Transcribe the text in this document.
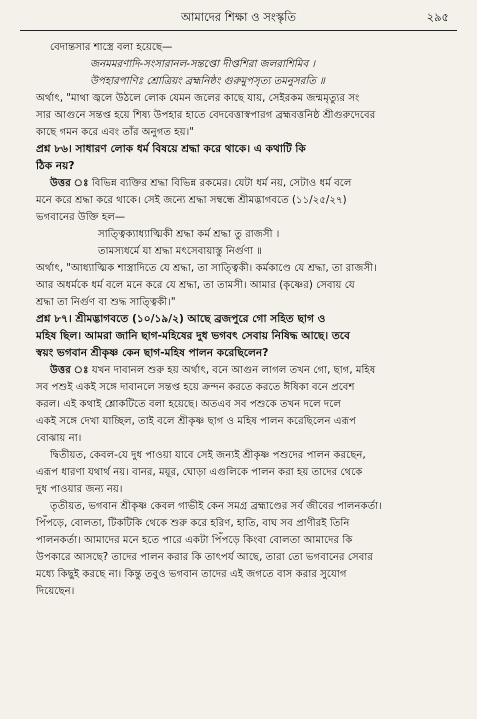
আমাদের শিক্ষা ও সংস্কৃতি	২৯৫

বেদান্তসার শাস্ত্রে বলা হয়েছে—

জনমমরণাদি-সংসারানল-সন্তপ্তো দীপ্তশিরা জলরাশিমিব ।

উপহারপাণিঃ শ্রোত্রিয়ং ব্রহ্মনিষ্ঠং গুরুমুপসৃত্য তমনুসরতি ॥

অর্থাৎ, "মাথা জ্বলে উঠলে লোক যেমন জলের কাছে যায়, সেইরকম জন্মমৃত্যুর সং

সার আগুনে সন্তপ্ত হয়ে শিষ্য উপহার হাতে বেদবেত্তাস্বপারগ ব্রহ্মবত্তনিষ্ঠ শ্রীগুরুদেবের

কাছে গমন করে এবং তাঁর অনুগত হয়।"

প্রশ্ন ৮৬। সাধারণ লোক ধর্ম বিষয়ে শ্রদ্ধা করে থাকে। এ কথাটি কি

ঠিক নয়?

উত্তর ঃ বিভিন্ন ব্যক্তির শ্রদ্ধা বিভিন্ন রকমের। যেটা ধর্ম নয়, সেটাও ধর্ম বলে

মনে করে শ্রদ্ধা করে থাকে। সেই জন্যে শ্রদ্ধা সম্বন্ধে শ্রীমদ্ভাগবতে (১১/২৫/২৭)

ভগবানের উক্তি হল—

সাত্ত্বিক্যাধ্যাত্মিকী শ্রদ্ধা কর্ম শ্রদ্ধা তু রাজসী ।

তামস্যধর্মে যা শ্রদ্ধা মৎসেবায়াস্তু নির্গুণা ॥

অর্থাৎ, "আধ্যাত্মিক শাস্ত্রাদিতে যে শ্রদ্ধা, তা সাত্ত্বিকী। কর্মকাণ্ডে যে শ্রদ্ধা, তা রাজসী।

আর অধর্মকে ধর্ম বলে মনে করে যে শ্রদ্ধা, তা তামসী। আমার (কৃষ্ণের) সেবায় যে

শ্রদ্ধা তা নির্গুণ বা শুদ্ধ সাত্ত্বিকী।"

প্রশ্ন ৮৭। শ্রীমদ্ভাগবতে (১০/১৯/২) আছে ব্রজপুরে গো সহিত ছাগ ও

মহিষ ছিল। আমরা জানি ছাগ-মহিষের দুধ ভগবৎ সেবায় নিষিদ্ধ আছে। তবে

স্বয়ং ভগবান শ্রীকৃষ্ণ কেন ছাগ-মহিষ পালন করেছিলেন?

উত্তর ঃ যখন দাবানল শুরু হয় অর্থাৎ, বনে আগুন লাগল তখন গো, ছাগ, মহিষ

সব পশুই একই সঙ্গে দাবানলে সন্তপ্ত হয়ে ক্রন্দন করতে করতে ঈষিকা বনে প্রবেশ

করল। এই কথাই শ্লোকটিতে বলা হয়েছে। অতএব সব পশুকে তখন দলে দলে

একই সঙ্গে দেখা যাচ্ছিল, তাই বলে শ্রীকৃষ্ণ ছাগ ও মহিষ পালন করেছিলেন এরূপ

বোঝায় না।

দ্বিতীয়ত, কেবল-যে দুধ পাওয়া যাবে সেই জন্যই শ্রীকৃষ্ণ পশুদের পালন করছেন,

এরূপ ধারণা যথার্থ নয়। বানর, ময়ূর, ঘোড়া এগুলিকে পালন করা হয় তাদের থেকে

দুধ পাওয়ার জন্য নয়।

তৃতীয়ত, ভগবান শ্রীকৃষ্ণ কেবল গাভীই কেন সমগ্র ব্রহ্মাণ্ডের সর্ব জীবের পালনকর্তা।

পিঁপড়ে, বোলতা, টিকটিকি থেকে শুরু করে হরিণ, হাতি, বাঘ সব প্রাণীরই তিনি

পালনকর্তা। আমাদের মনে হতে পারে একটা পিঁপড়ে কিংবা বোলতা আমাদের কি

উপকারে আসছে? তাদের পালন করার কি তাৎপর্য আছে, তারা তো ভগবানের সেবার

মধ্যে কিছুই করছে না। কিন্তু তবুও ভগবান তাদের এই জগতে বাস করার সুযোগ

দিয়েছেন।
